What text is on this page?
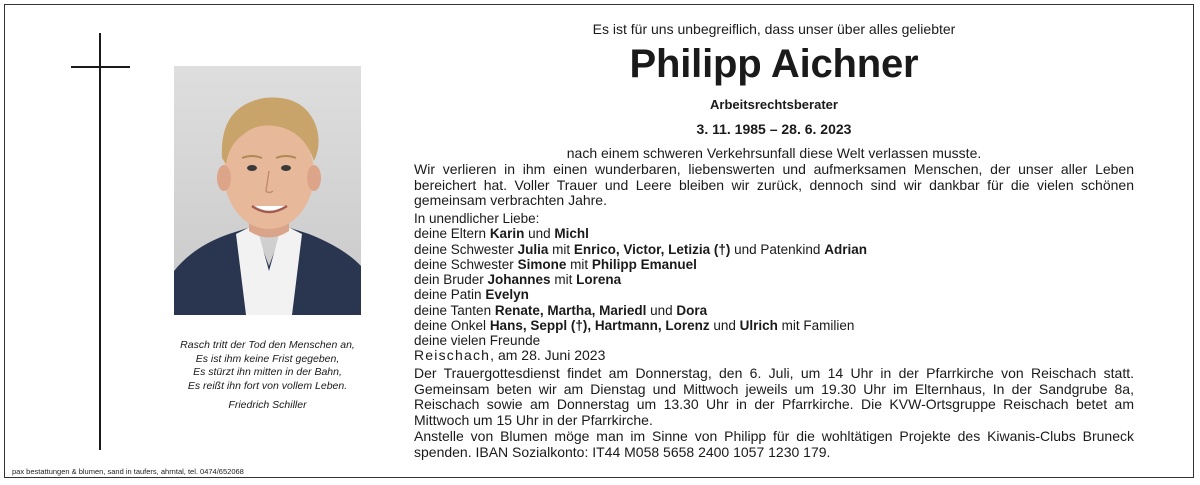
Rasch tritt der Tod den Menschen an,
Es ist ihm keine Frist gegeben,
Es stürzt ihn mitten in der Bahn,
Es reißt ihn fort von vollem Leben.
Friedrich Schiller
pax bestattungen & blumen, sand in taufers, ahrntal, tel. 0474/652068
Es ist für uns unbegreiflich, dass unser über alles geliebter
Philipp Aichner
Arbeitsrechtsberater
3. 11. 1985 – 28. 6. 2023
nach einem schweren Verkehrsunfall diese Welt verlassen musste.
Wir verlieren in ihm einen wunderbaren, liebenswerten und aufmerksamen Menschen, der unser aller Leben bereichert hat. Voller Trauer und Leere bleiben wir zurück, dennoch sind wir dankbar für die vielen schönen gemeinsam verbrachten Jahre.
In unendlicher Liebe:
deine Eltern Karin und Michl
deine Schwester Julia mit Enrico, Victor, Letizia (†) und Patenkind Adrian
deine Schwester Simone mit Philipp Emanuel
dein Bruder Johannes mit Lorena
deine Patin Evelyn
deine Tanten Renate, Martha, Mariedl und Dora
deine Onkel Hans, Seppl (†), Hartmann, Lorenz und Ulrich mit Familien
deine vielen Freunde
Reischach, am 28. Juni 2023
Der Trauergottesdienst findet am Donnerstag, den 6. Juli, um 14 Uhr in der Pfarrkirche von Reischach statt. Gemeinsam beten wir am Dienstag und Mittwoch jeweils um 19.30 Uhr im Elternhaus, In der Sandgrube 8a, Reischach sowie am Donnerstag um 13.30 Uhr in der Pfarrkirche. Die KVW-Ortsgruppe Reischach betet am Mittwoch um 15 Uhr in der Pfarrkirche.
Anstelle von Blumen möge man im Sinne von Philipp für die wohltätigen Projekte des Kiwanis-Clubs Bruneck spenden. IBAN Sozialkonto: IT44 M058 5658 2400 1057 1230 179.
